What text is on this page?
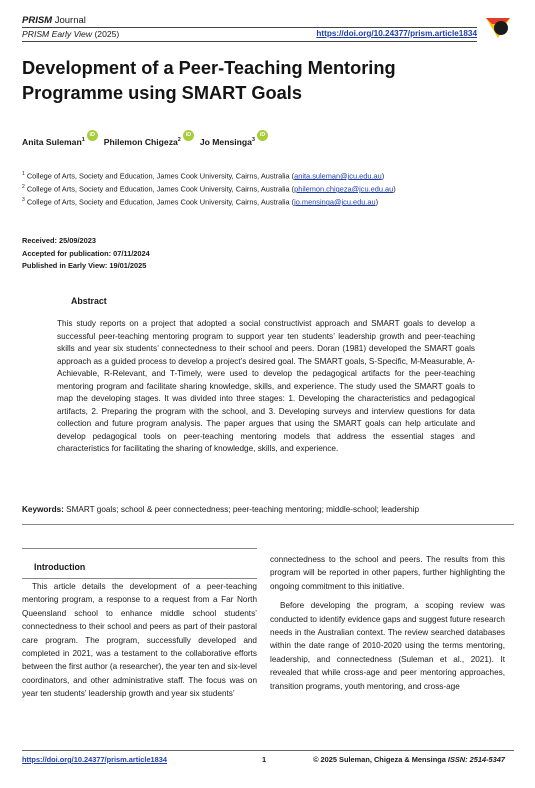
PRISM Journal
PRISM Early View (2025)	https://doi.org/10.24377/prism.article1834
Development of a Peer-Teaching Mentoring Programme using SMART Goals
Anita Suleman$^1$
iD
Philemon Chigeza$^2$
iD
Jo Mensinga$^3$
iD
$^1$ College of Arts, Society and Education, James Cook University, Cairns, Australia (anita.suleman@jcu.edu.au)
$^2$ College of Arts, Society and Education, James Cook University, Cairns, Australia (philemon.chigeza@jcu.edu.au)
$^3$ College of Arts, Society and Education, James Cook University, Cairns, Australia (jo.mensinga@jcu.edu.au)
Received: 25/09/2023
Accepted for publication: 07/11/2024
Published in Early View: 19/01/2025
Abstract
This study reports on a project that adopted a social constructivist approach and SMART goals to develop a successful peer-teaching mentoring program to support year ten students’ leadership growth and peer-teaching skills and year six students’ connectedness to their school and peers. Doran (1981) developed the SMART goals approach as a guided process to develop a project’s desired goal. The SMART goals, S-Specific, M-Measurable, A-Achievable, R-Relevant, and T-Timely, were used to develop the pedagogical artifacts for the peer-teaching mentoring program and facilitate sharing knowledge, skills, and experience. The study used the SMART goals to map the developing stages. It was divided into three stages: 1. Developing the characteristics and pedagogical artifacts, 2. Preparing the program with the school, and 3. Developing surveys and interview questions for data collection and future program analysis. The paper argues that using the SMART goals can help articulate and develop pedagogical tools on peer-teaching mentoring models that address the essential stages and characteristics for facilitating the sharing of knowledge, skills, and experience.
Keywords: SMART goals; school & peer connectedness; peer-teaching mentoring; middle-school; leadership
Introduction

This article details the development of a peer-teaching mentoring program, a response to a request from a Far North Queensland school to enhance middle school students’ connectedness to their school and peers as part of their pastoral care program. The program, successfully developed and completed in 2021, was a testament to the collaborative efforts between the first author (a researcher), the year ten and six-level coordinators, and other administrative staff. The focus was on year ten students’ leadership growth and year six students’

connectedness to the school and peers. The results from this program will be reported in other papers, further highlighting the ongoing commitment to this initiative.

Before developing the program, a scoping review was conducted to identify evidence gaps and suggest future research needs in the Australian context. The review searched databases within the date range of 2010-2020 using the terms mentoring, leadership, and connectedness (Suleman et al., 2021). It revealed that while cross-age and peer mentoring approaches, transition programs, youth mentoring, and cross-age

https://doi.org/10.24377/prism.article1834	1	© 2025 Suleman, Chigeza & Mensinga ISSN: 2514-5347
